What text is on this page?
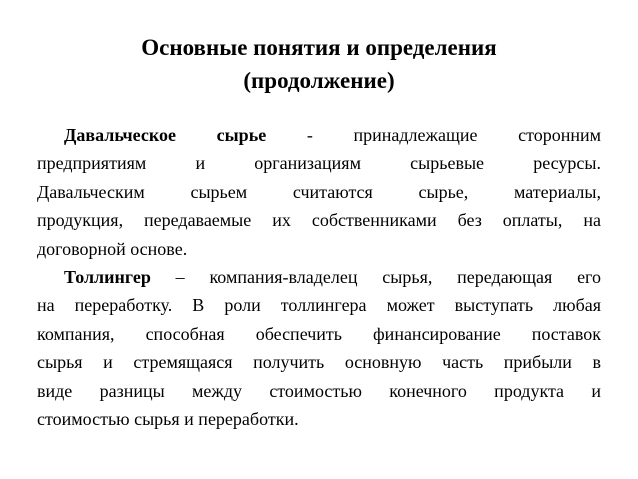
Основные понятия и определения
(продолжение)
Давальческое сырье - принадлежащие сторонним
предприятиям и организациям сырьевые ресурсы.
Давальческим сырьем считаются сырье, материалы,
продукция, передаваемые их собственниками без оплаты, на
договорной основе.
Толлингер – компания-владелец сырья, передающая его
на переработку. В роли толлингера может выступать любая
компания, способная обеспечить финансирование поставок
сырья и стремящаяся получить основную часть прибыли в
виде разницы между стоимостью конечного продукта и
стоимостью сырья и переработки.
